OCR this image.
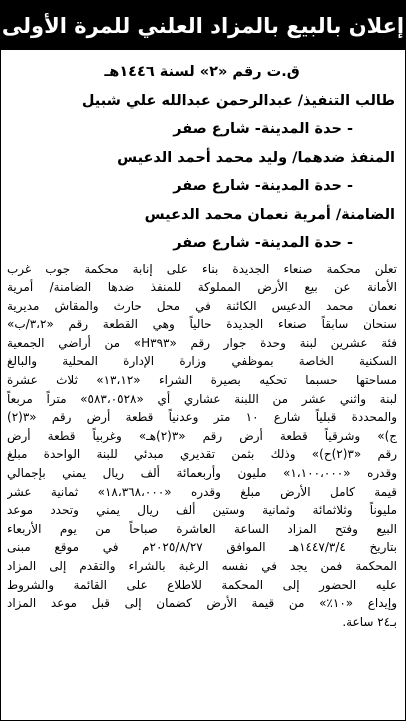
إعلان بالبيع بالمزاد العلني للمرة الأولى
ق.ت رقم «٢» لسنة ١٤٤٦هـ
طالب التنفيذ/ عبدالرحمن عبدالله علي شبيل
- حدة المدينة- شارع صفر
المنفذ ضدهما/ وليد محمد أحمد الدعيس
- حدة المدينة- شارع صفر
الضامنة/ أمرية نعمان محمد الدعيس
- حدة المدينة- شارع صفر
تعلن محكمة صنعاء الجديدة بناء على إنابة محكمة جوب غرب
الأمانة عن بيع الأرض المملوكة للمنفذ ضدها الضامنة/ أمرية
نعمان محمد الدعيس الكائنة في محل حارث والمقاش مديرية
سنحان سابقاً صنعاء الجديدة حالياً وهي القطعة رقم «٣،٢/ب»
فئة عشرين لبنة وحدة جوار رقم «H٣٩٣» من أراضي الجمعية
السكنية الخاصة بموظفي وزارة الإدارة المحلية والبالغ
مساحتها حسبما تحكيه بصيرة الشراء «١٣،١٢» ثلاث عشرة
لبنة واثني عشر من اللبنة عشاري أي «٥٨٣،٠٥٢٨» متراً مربعاً
والمحددة قبلياً شارع ١٠ متر وعدنياً قطعة أرض رقم «٣(٢)
ج)» وشرقياً قطعة أرض رقم «٣(٢)هـ» وغربياً قطعة أرض
رقم «٣(٢)ح)» وذلك بثمن تقديري مبدئي للبنة الواحدة مبلغ
وقدره «١،١٠٠،٠٠٠» مليون وأربعمائة ألف ريال يمني بإجمالي
قيمة كامل الأرض مبلغ وقدره «١٨،٣٦٨،٠٠٠» ثمانية عشر
مليوناً وثلاثمائة وثمانية وستين ألف ريال يمني وتحدد موعد
البيع وفتح المزاد الساعة العاشرة صباحاً من يوم الأربعاء
بتاريخ ١٤٤٧/٣/٤هـ الموافق ٢٠٢٥/٨/٢٧م في موقع مبنى
المحكمة فمن يجد في نفسه الرغبة بالشراء والتقدم إلى المزاد
عليه الحضور إلى المحكمة للاطلاع على القائمة والشروط
وإيداع «١٠٪» من قيمة الأرض كضمان إلى قبل موعد المزاد
بـ٢٤ ساعة.
